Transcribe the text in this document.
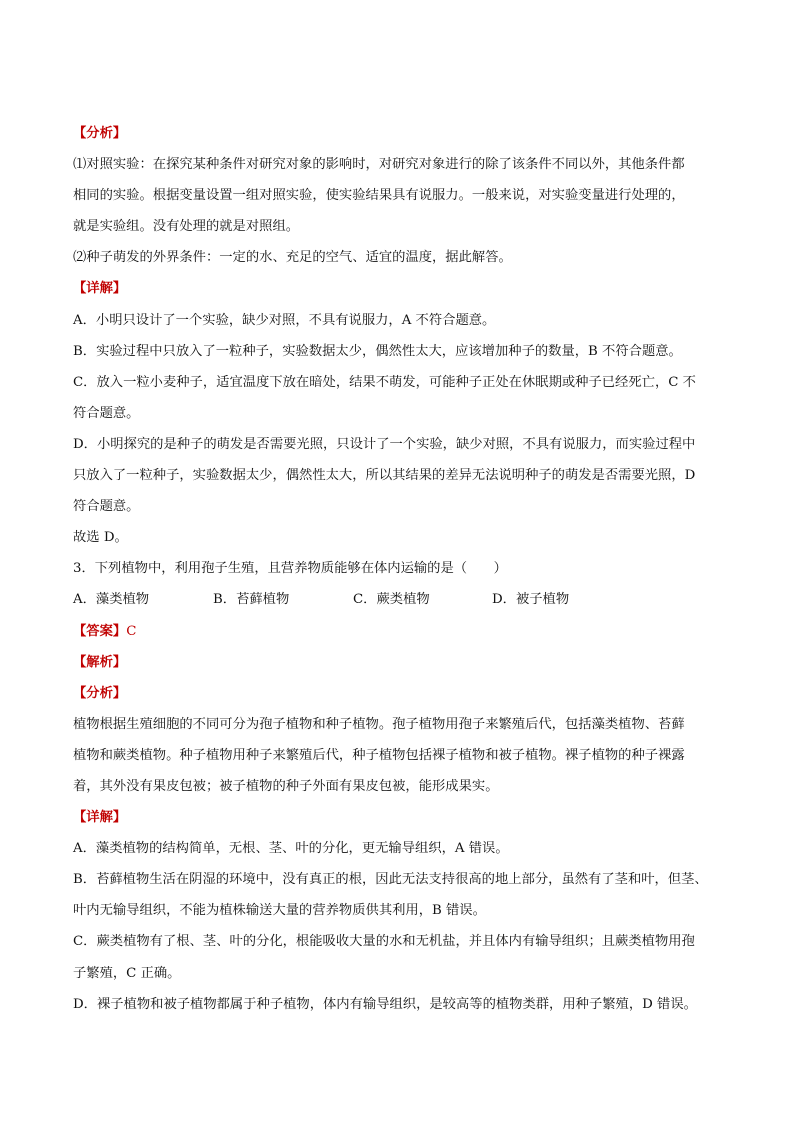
【分析】
⑴对照实验：在探究某种条件对研究对象的影响时，对研究对象进行的除了该条件不同以外，其他条件都
相同的实验。根据变量设置一组对照实验，使实验结果具有说服力。一般来说，对实验变量进行处理的，
就是实验组。没有处理的就是对照组。
⑵种子萌发的外界条件：一定的水、充足的空气、适宜的温度，据此解答。
【详解】
A．小明只设计了一个实验，缺少对照，不具有说服力，A 不符合题意。
B．实验过程中只放入了一粒种子，实验数据太少，偶然性太大，应该增加种子的数量，B 不符合题意。
C．放入一粒小麦种子，适宜温度下放在暗处，结果不萌发，可能种子正处在休眠期或种子已经死亡，C 不
符合题意。
D．小明探究的是种子的萌发是否需要光照，只设计了一个实验，缺少对照，不具有说服力，而实验过程中
只放入了一粒种子，实验数据太少，偶然性太大，所以其结果的差异无法说明种子的萌发是否需要光照，D
符合题意。
故选 D。
3．下列植物中，利用孢子生殖，且营养物质能够在体内运输的是（　　）
A．藻类植物	B．苔藓植物	C．蕨类植物	D．被子植物
【答案】C
【解析】
【分析】
植物根据生殖细胞的不同可分为孢子植物和种子植物。孢子植物用孢子来繁殖后代，包括藻类植物、苔藓
植物和蕨类植物。种子植物用种子来繁殖后代，种子植物包括裸子植物和被子植物。裸子植物的种子裸露
着，其外没有果皮包被；被子植物的种子外面有果皮包被，能形成果实。
【详解】
A．藻类植物的结构简单，无根、茎、叶的分化，更无输导组织，A 错误。
B．苔藓植物生活在阴湿的环境中，没有真正的根，因此无法支持很高的地上部分，虽然有了茎和叶，但茎、
叶内无输导组织，不能为植株输送大量的营养物质供其利用，B 错误。
C．蕨类植物有了根、茎、叶的分化，根能吸收大量的水和无机盐，并且体内有输导组织；且蕨类植物用孢
子繁殖，C 正确。
D．裸子植物和被子植物都属于种子植物，体内有输导组织，是较高等的植物类群，用种子繁殖，D 错误。
